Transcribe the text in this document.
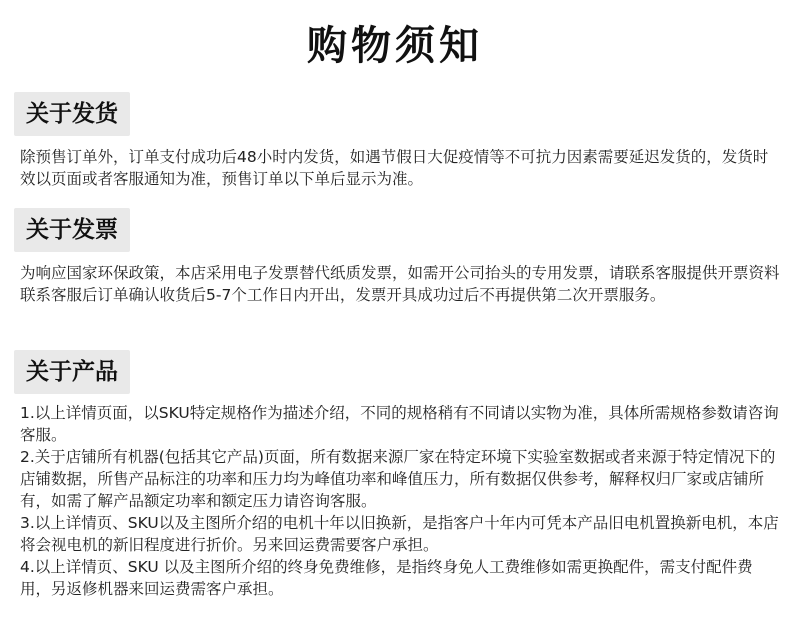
购物须知
关于发货

除预售订单外，订单支付成功后48小时内发货，如遇节假日大促疫情等不可抗力因素需要延迟发货的，发货时效以页面或者客服通知为准，预售订单以下单后显示为准。

关于发票

为响应国家环保政策，本店采用电子发票替代纸质发票，如需开公司抬头的专用发票，请联系客服提供开票资料联系客服后订单确认收货后5-7个工作日内开出，发票开具成功过后不再提供第二次开票服务。

关于产品

1.以上详情页面，以SKU特定规格作为描述介绍，不同的规格稍有不同请以实物为准，具体所需规格参数请咨询客服。

2.关于店铺所有机器(包括其它产品)页面，所有数据来源厂家在特定环境下实验室数据或者来源于特定情况下的店铺数据，所售产品标注的功率和压力均为峰值功率和峰值压力，所有数据仅供参考，解释权归厂家或店铺所有，如需了解产品额定功率和额定压力请咨询客服。

3.以上详情页、SKU以及主图所介绍的电机十年以旧换新，是指客户十年内可凭本产品旧电机置换新电机，本店将会视电机的新旧程度进行折价。另来回运费需要客户承担。

4.以上详情页、SKU 以及主图所介绍的终身免费维修，是指终身免人工费维修如需更换配件，需支付配件费用，另返修机器来回运费需客户承担。
